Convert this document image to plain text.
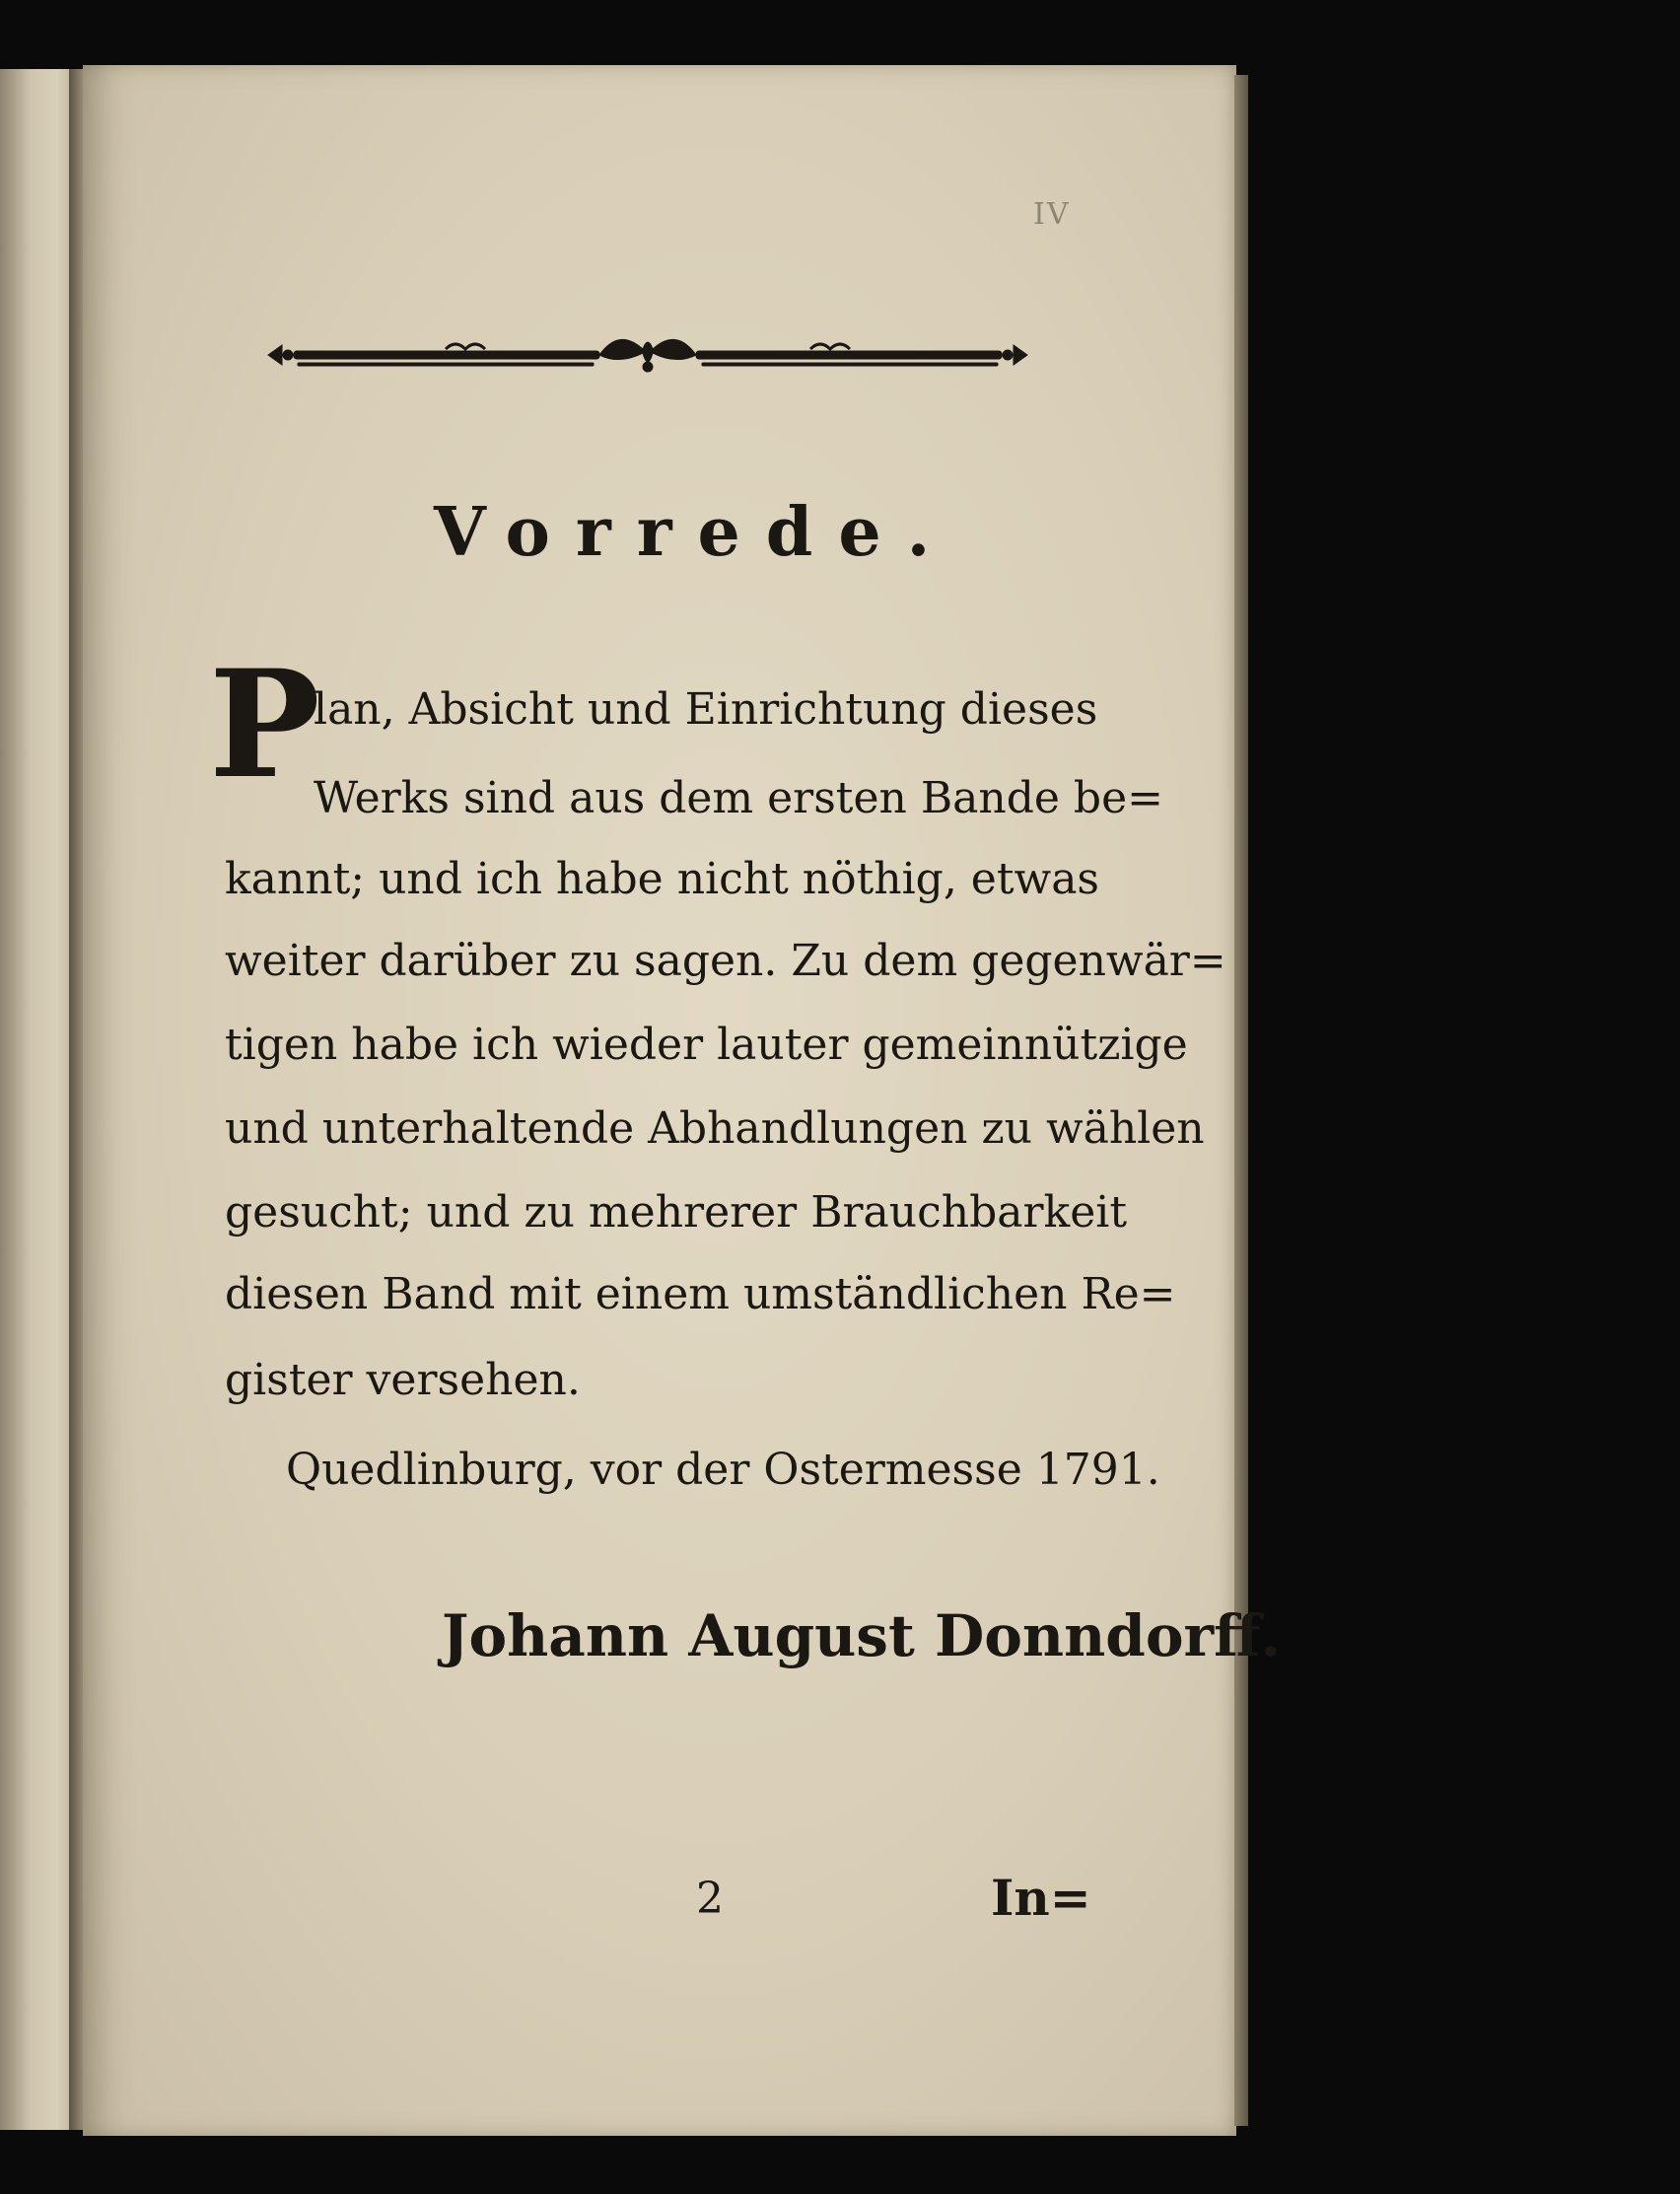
IV
Vorrede.
P
lan, Absicht und Einrichtung dieses
Werks sind aus dem ersten Bande be=
kannt; und ich habe nicht nöthig, etwas
weiter darüber zu sagen. Zu dem gegenwär=
tigen habe ich wieder lauter gemeinnützige
und unterhaltende Abhandlungen zu wählen
gesucht; und zu mehrerer Brauchbarkeit
diesen Band mit einem umständlichen Re=
gister versehen.
Quedlinburg, vor der Ostermesse 1791.
Johann August Donndorff.
2	In=
